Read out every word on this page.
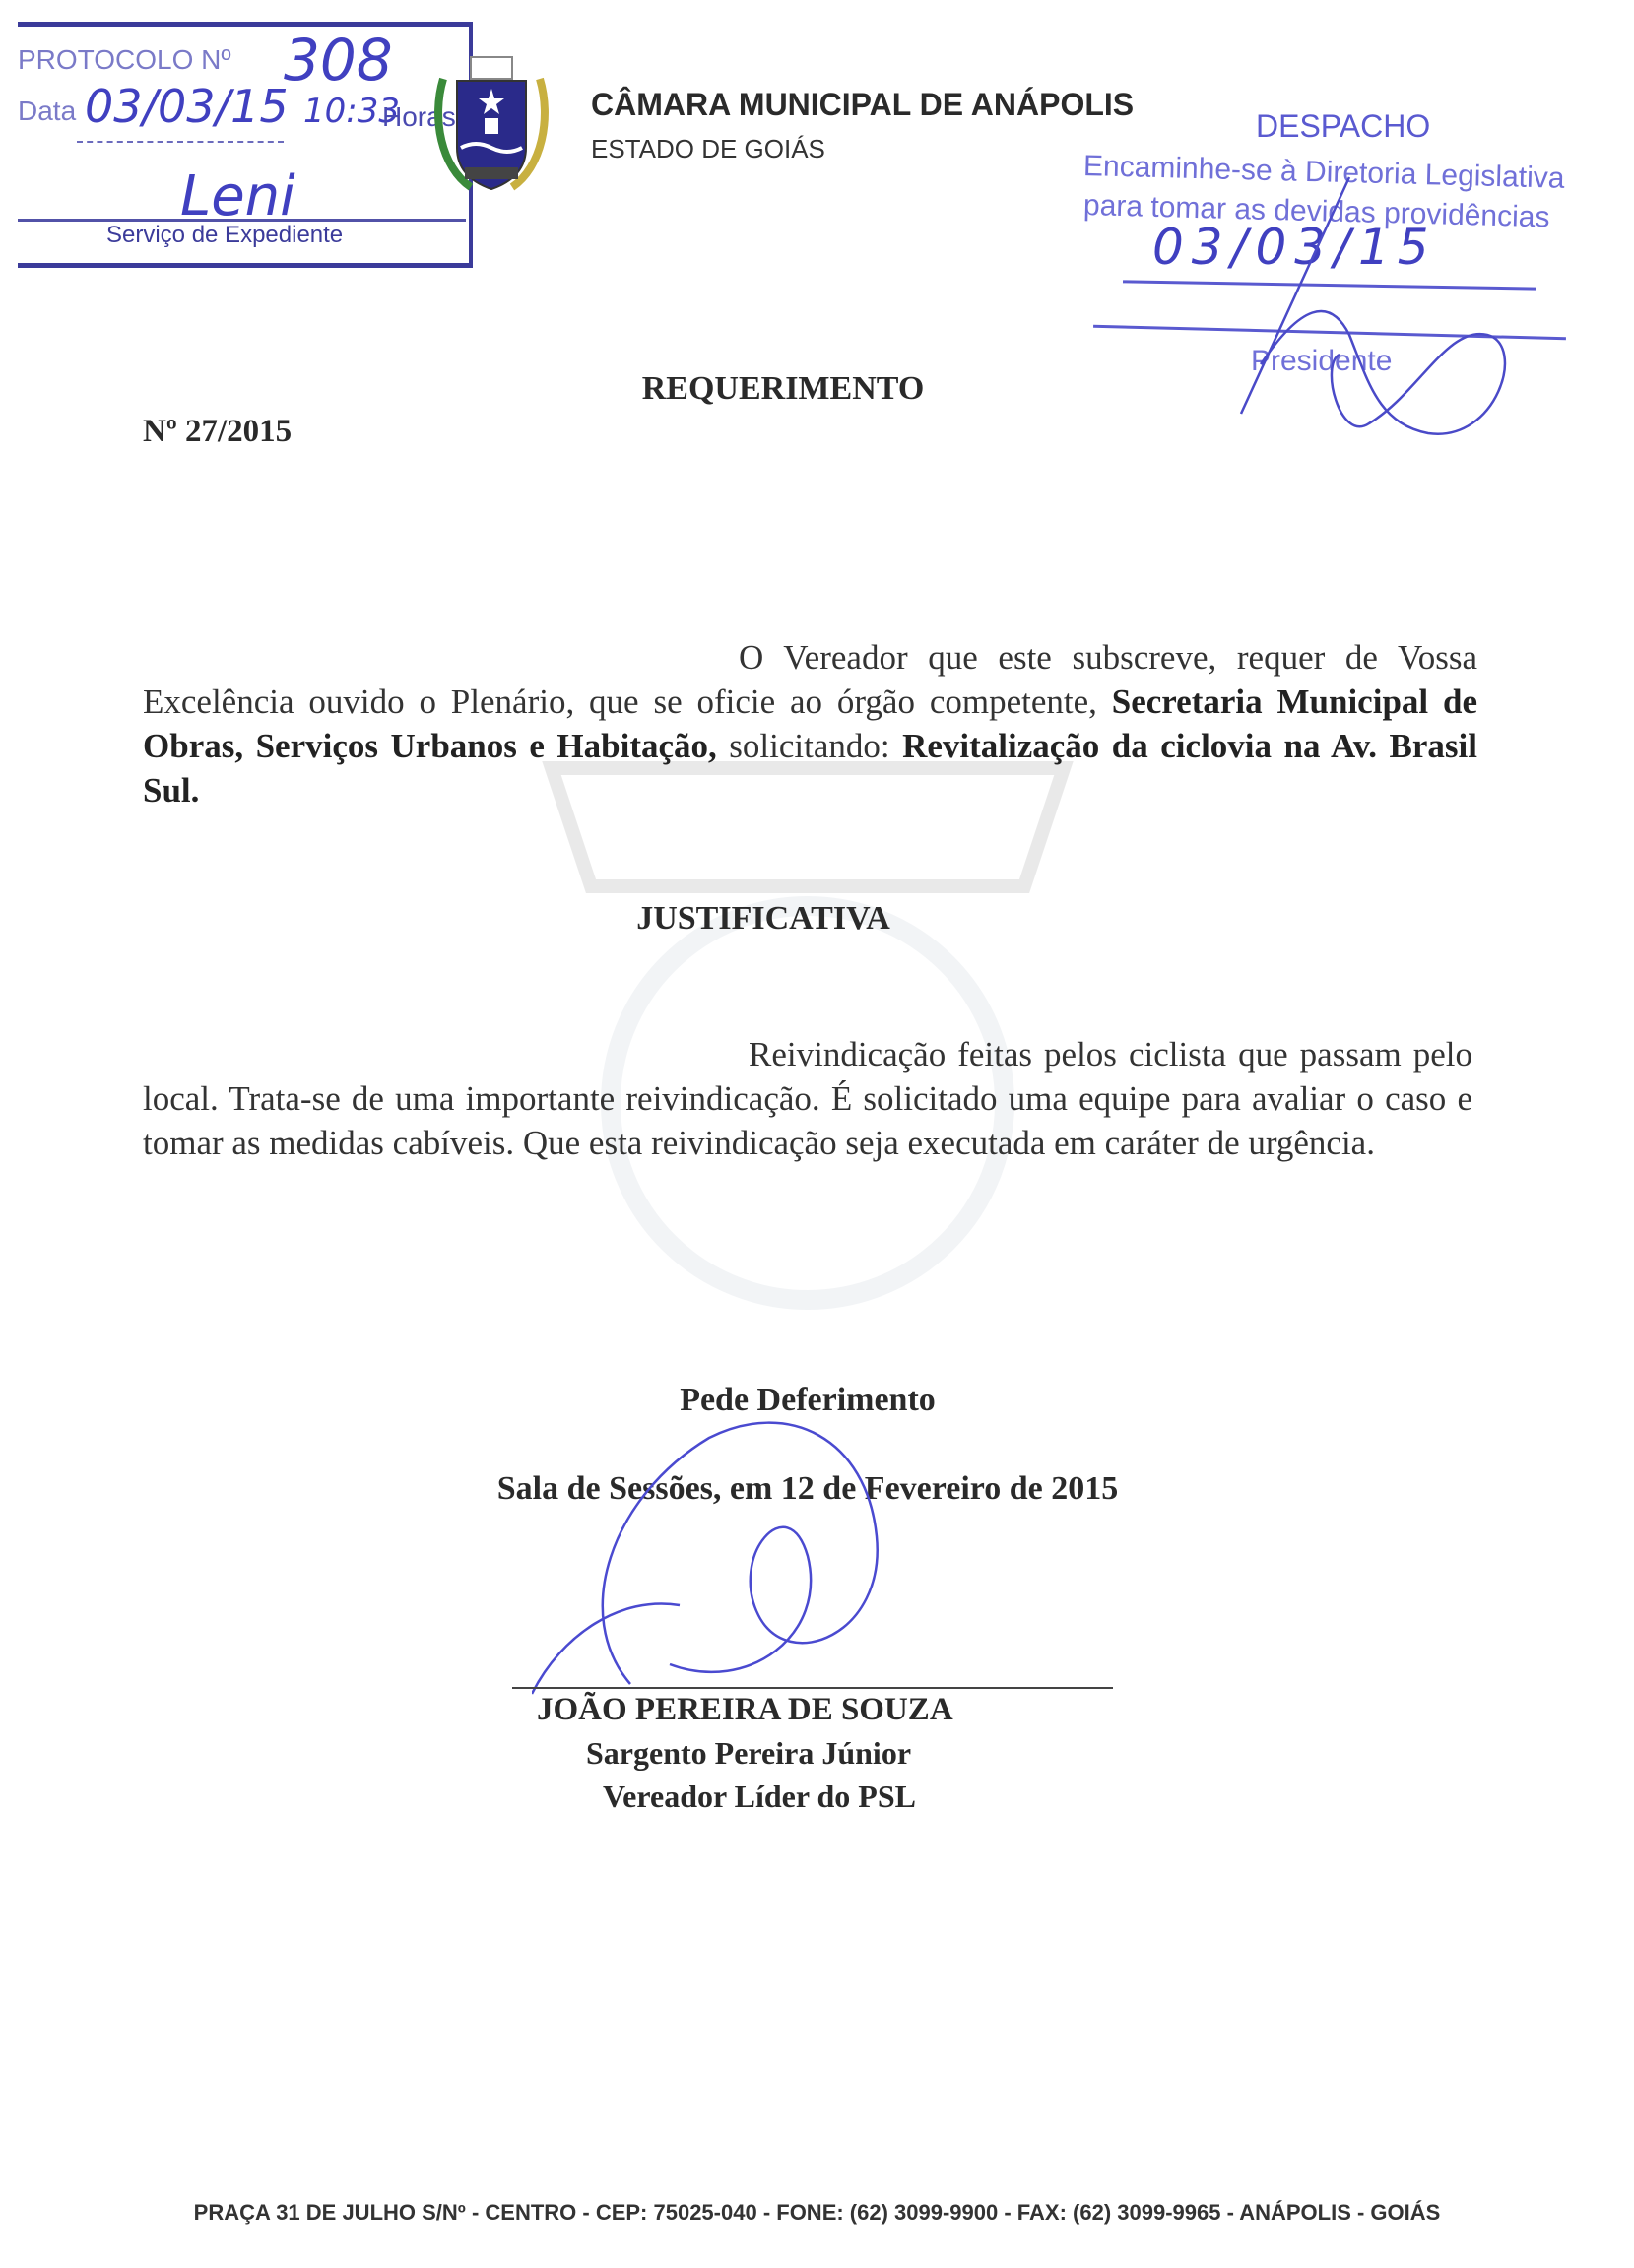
PROTOCOLO Nº 308
Data 03/03/15 10:33
Horas
Leni
Serviço de Expediente
CÂMARA MUNICIPAL DE ANÁPOLIS
ESTADO DE GOIÁS
DESPACHO
Encaminhe-se à Diretoria Legislativa
para tomar as devidas providências
03/03/15
Presidente
REQUERIMENTO
Nº 27/2015
O Vereador que este subscreve, requer de Vossa Excelência ouvido o Plenário, que se oficie ao órgão competente, Secretaria Municipal de Obras, Serviços Urbanos e Habitação, solicitando: Revitalização da ciclovia na Av. Brasil Sul.
JUSTIFICATIVA
Reivindicação feitas pelos ciclista que passam pelo local. Trata-se de uma importante reivindicação. É solicitado uma equipe para avaliar o caso e tomar as medidas cabíveis. Que esta reivindicação seja executada em caráter de urgência.
Pede Deferimento
Sala de Sessões, em 12 de Fevereiro de 2015
JOÃO PEREIRA DE SOUZA
Sargento Pereira Júnior
Vereador Líder do PSL
PRAÇA 31 DE JULHO S/Nº - CENTRO - CEP: 75025-040 - FONE: (62) 3099-9900 - FAX: (62) 3099-9965 - ANÁPOLIS - GOIÁS
